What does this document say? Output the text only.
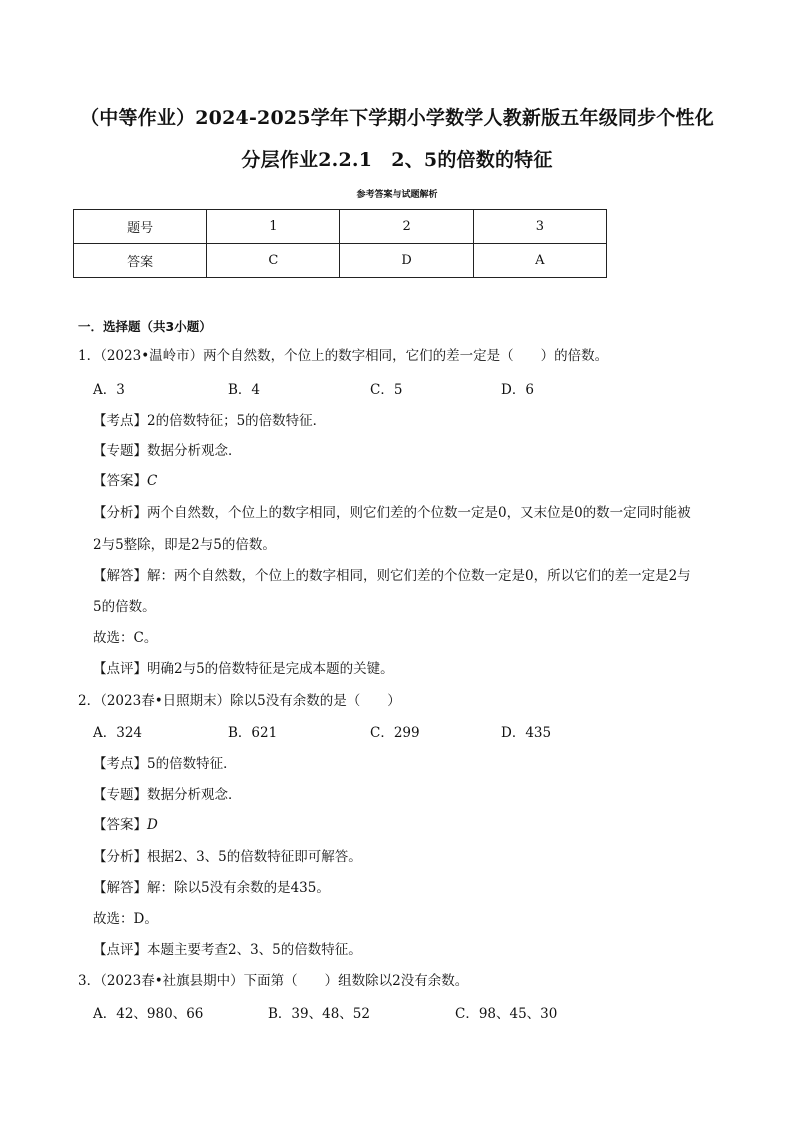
（中等作业）2024-2025学年下学期小学数学人教新版五年级同步个性化
分层作业2.2.1　2、5的倍数的特征
参考答案与试题解析
题号	1	2	3
答案	C	D	A
一．选择题（共3小题）
1．（2023•温岭市）两个自然数，个位上的数字相同，它们的差一定是（　　）的倍数。
A．3	B．4	C．5	D．6
【考点】2的倍数特征；5的倍数特征．
【专题】数据分析观念．
【答案】C
【分析】两个自然数，个位上的数字相同，则它们差的个位数一定是0，又末位是0的数一定同时能被
2与5整除，即是2与5的倍数。
【解答】解：两个自然数，个位上的数字相同，则它们差的个位数一定是0，所以它们的差一定是2与
5的倍数。
故选：C。
【点评】明确2与5的倍数特征是完成本题的关键。
2．（2023春•日照期末）除以5没有余数的是（　　）
A．324	B．621	C．299	D．435
【考点】5的倍数特征．
【专题】数据分析观念．
【答案】D
【分析】根据2、3、5的倍数特征即可解答。
【解答】解：除以5没有余数的是435。
故选：D。
【点评】本题主要考查2、3、5的倍数特征。
3．（2023春•社旗县期中）下面第（　　）组数除以2没有余数。
A．42、980、66	B．39、48、52	C．98、45、30
